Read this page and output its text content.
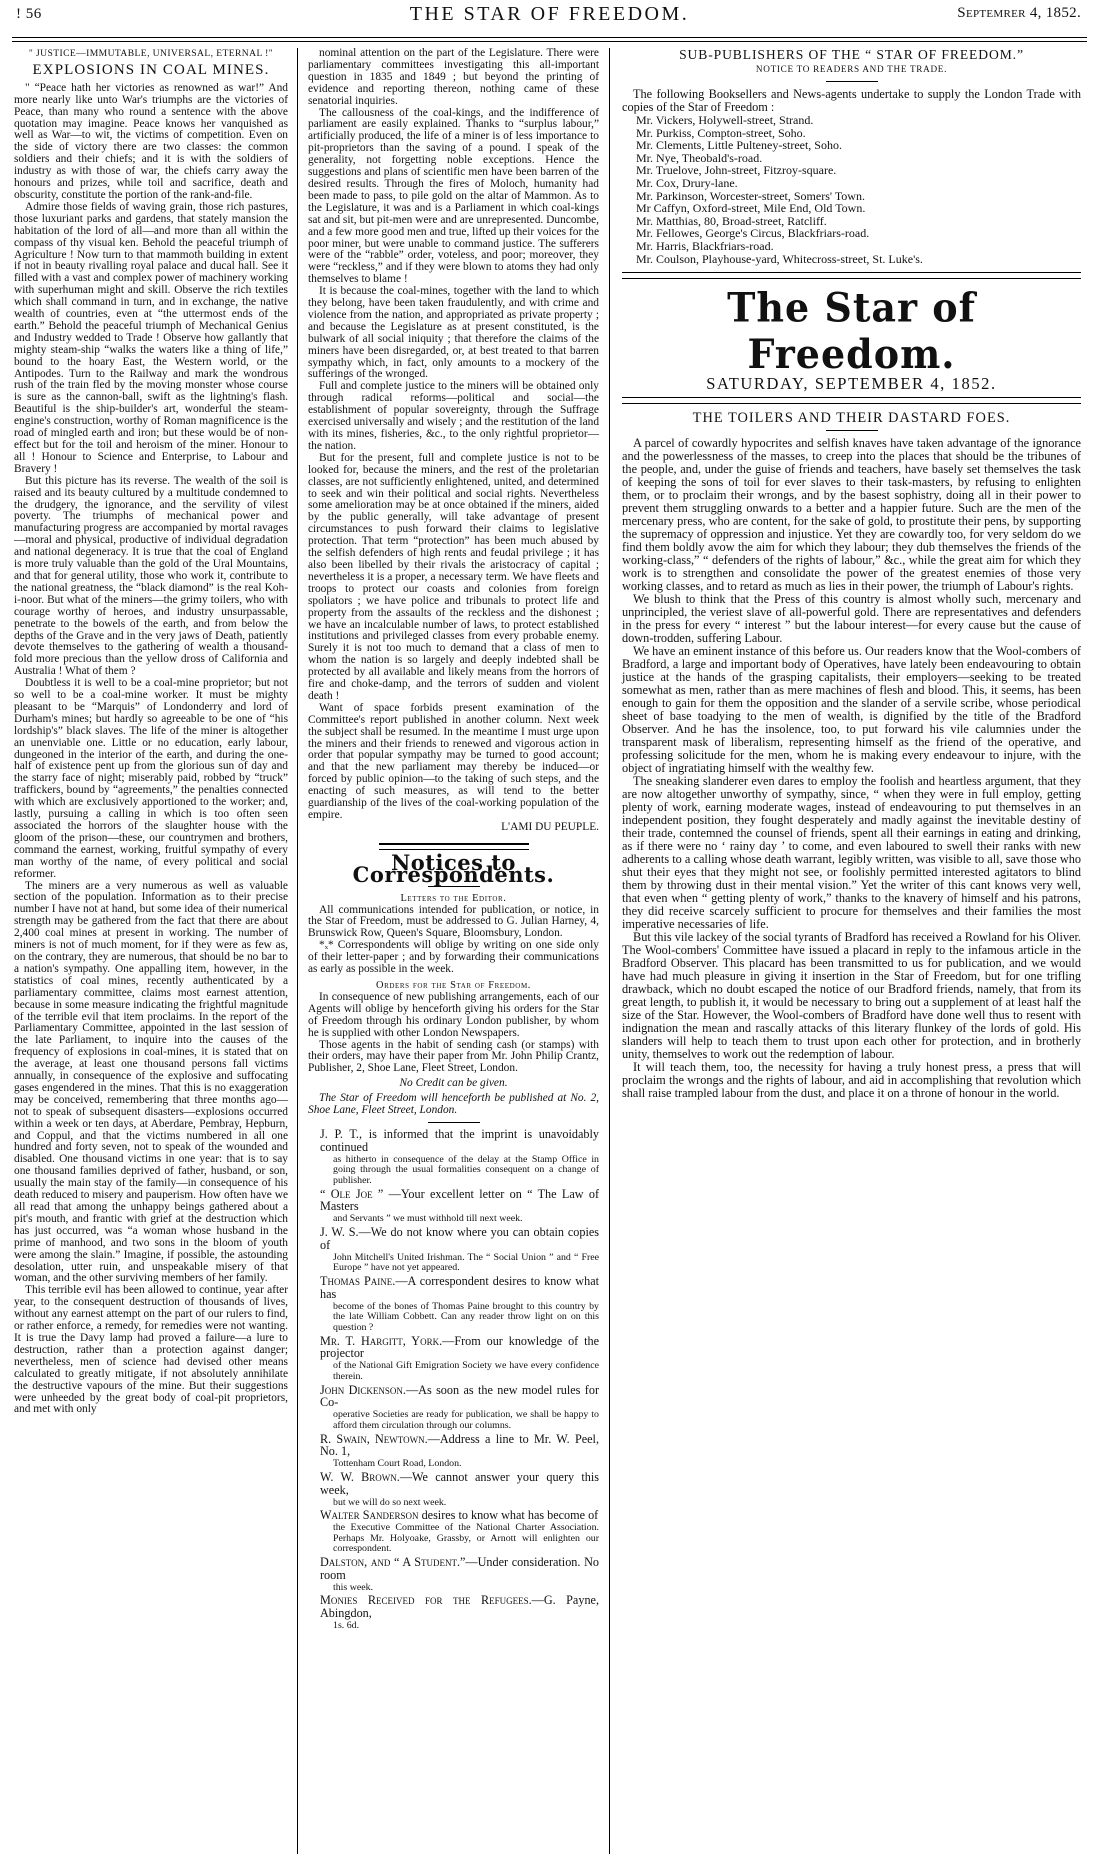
! 56	THE STAR OF FREEDOM.	Septemrer 4, 1852.

" JUSTICE—IMMUTABLE, UNIVERSAL, ETERNAL !"

EXPLOSIONS IN COAL MINES.

" “Peace hath her victories as renowned as war!” And more nearly like unto War's triumphs are the victories of Peace, than many who round a sentence with the above quotation may imagine. Peace knows her vanquished as well as War—to wit, the victims of competition. Even on the side of victory there are two classes: the common soldiers and their chiefs; and it is with the soldiers of industry as with those of war, the chiefs carry away the honours and prizes, while toil and sacrifice, death and obscurity, constitute the portion of the rank-and-file.

Admire those fields of waving grain, those rich pastures, those luxuriant parks and gardens, that stately mansion the habitation of the lord of all—and more than all within the compass of thy visual ken. Behold the peaceful triumph of Agriculture ! Now turn to that mammoth building in extent if not in beauty rivalling royal palace and ducal hall. See it filled with a vast and complex power of machinery working with superhuman might and skill. Observe the rich textiles which shall command in turn, and in exchange, the native wealth of countries, even at “the uttermost ends of the earth.” Behold the peaceful triumph of Mechanical Genius and Industry wedded to Trade ! Observe how gallantly that mighty steam-ship “walks the waters like a thing of life,” bound to the hoary East, the Western world, or the Antipodes. Turn to the Railway and mark the wondrous rush of the train fled by the moving monster whose course is sure as the cannon-ball, swift as the lightning's flash. Beautiful is the ship-builder's art, wonderful the steam-engine's construction, worthy of Roman magnificence is the road of mingled earth and iron; but these would be of non-effect but for the toil and heroism of the miner. Honour to all ! Honour to Science and Enterprise, to Labour and Bravery !

But this picture has its reverse. The wealth of the soil is raised and its beauty cultured by a multitude condemned to the drudgery, the ignorance, and the servility of vilest poverty. The triumphs of mechanical power and manufacturing progress are accompanied by mortal ravages—moral and physical, productive of individual degradation and national degeneracy. It is true that the coal of England is more truly valuable than the gold of the Ural Mountains, and that for general utility, those who work it, contribute to the national greatness, the “black diamond” is the real Koh-i-noor. But what of the miners—the grimy toilers, who with courage worthy of heroes, and industry unsurpassable, penetrate to the bowels of the earth, and from below the depths of the Grave and in the very jaws of Death, patiently devote themselves to the gathering of wealth a thousand-fold more precious than the yellow dross of California and Australia ! What of them ?

Doubtless it is well to be a coal-mine proprietor; but not so well to be a coal-mine worker. It must be mighty pleasant to be “Marquis” of Londonderry and lord of Durham's mines; but hardly so agreeable to be one of “his lordship's” black slaves. The life of the miner is altogether an unenviable one. Little or no education, early labour, dungeoned in the interior of the earth, and during the one-half of existence pent up from the glorious sun of day and the starry face of night; miserably paid, robbed by “truck” traffickers, bound by “agreements,” the penalties connected with which are exclusively apportioned to the worker; and, lastly, pursuing a calling in which is too often seen associated the horrors of the slaughter house with the gloom of the prison—these, our countrymen and brothers, command the earnest, working, fruitful sympathy of every man worthy of the name, of every political and social reformer.

The miners are a very numerous as well as valuable section of the population. Information as to their precise number I have not at hand, but some idea of their numerical strength may be gathered from the fact that there are about 2,400 coal mines at present in working. The number of miners is not of much moment, for if they were as few as, on the contrary, they are numerous, that should be no bar to a nation's sympathy. One appalling item, however, in the statistics of coal mines, recently authenticated by a parliamentary committee, claims most earnest attention, because in some measure indicating the frightful magnitude of the terrible evil that item proclaims. In the report of the Parliamentary Committee, appointed in the last session of the late Parliament, to inquire into the causes of the frequency of explosions in coal-mines, it is stated that on the average, at least one thousand persons fall victims annually, in consequence of the explosive and suffocating gases engendered in the mines. That this is no exaggeration may be conceived, remembering that three months ago—not to speak of subsequent disasters—explosions occurred within a week or ten days, at Aberdare, Pembray, Hepburn, and Coppul, and that the victims numbered in all one hundred and forty seven, not to speak of the wounded and disabled. One thousand victims in one year: that is to say one thousand families deprived of father, husband, or son, usually the main stay of the family—in consequence of his death reduced to misery and pauperism. How often have we all read that among the unhappy beings gathered about a pit's mouth, and frantic with grief at the destruction which has just occurred, was “a woman whose husband in the prime of manhood, and two sons in the bloom of youth were among the slain.” Imagine, if possible, the astounding desolation, utter ruin, and unspeakable misery of that woman, and the other surviving members of her family.

This terrible evil has been allowed to continue, year after year, to the consequent destruction of thousands of lives, without any earnest attempt on the part of our rulers to find, or rather enforce, a remedy, for remedies were not wanting. It is true the Davy lamp had proved a failure—a lure to destruction, rather than a protection against danger; nevertheless, men of science had devised other means calculated to greatly mitigate, if not absolutely annihilate the destructive vapours of the mine. But their suggestions were unheeded by the great body of coal-pit proprietors, and met with only

nominal attention on the part of the Legislature. There were parliamentary committees investigating this all-important question in 1835 and 1849 ; but beyond the printing of evidence and reporting thereon, nothing came of these senatorial inquiries.

The callousness of the coal-kings, and the indifference of parliament are easily explained. Thanks to “surplus labour,” artificially produced, the life of a miner is of less importance to pit-proprietors than the saving of a pound. I speak of the generality, not forgetting noble exceptions. Hence the suggestions and plans of scientific men have been barren of the desired results. Through the fires of Moloch, humanity had been made to pass, to pile gold on the altar of Mammon. As to the Legislature, it was and is a Parliament in which coal-kings sat and sit, but pit-men were and are unrepresented. Duncombe, and a few more good men and true, lifted up their voices for the poor miner, but were unable to command justice. The sufferers were of the “rabble” order, voteless, and poor; moreover, they were “reckless,” and if they were blown to atoms they had only themselves to blame !

It is because the coal-mines, together with the land to which they belong, have been taken fraudulently, and with crime and violence from the nation, and appropriated as private property ; and because the Legislature as at present constituted, is the bulwark of all social iniquity ; that therefore the claims of the miners have been disregarded, or, at best treated to that barren sympathy which, in fact, only amounts to a mockery of the sufferings of the wronged.

Full and complete justice to the miners will be obtained only through radical reforms—political and social—the establishment of popular sovereignty, through the Suffrage exercised universally and wisely ; and the restitution of the land with its mines, fisheries, &c., to the only rightful proprietor—the nation.

But for the present, full and complete justice is not to be looked for, because the miners, and the rest of the proletarian classes, are not sufficiently enlightened, united, and determined to seek and win their political and social rights. Nevertheless some amelioration may be at once obtained if the miners, aided by the public generally, will take advantage of present circumstances to push forward their claims to legislative protection. That term “protection” has been much abused by the selfish defenders of high rents and feudal privilege ; it has also been libelled by their rivals the aristocracy of capital ; nevertheless it is a proper, a necessary term. We have fleets and troops to protect our coasts and colonies from foreign spoliators ; we have police and tribunals to protect life and property from the assaults of the reckless and the dishonest ; we have an incalculable number of laws, to protect established institutions and privileged classes from every probable enemy. Surely it is not too much to demand that a class of men to whom the nation is so largely and deeply indebted shall be protected by all available and likely means from the horrors of fire and choke-damp, and the terrors of sudden and violent death !

Want of space forbids present examination of the Committee's report published in another column. Next week the subject shall be resumed. In the meantime I must urge upon the miners and their friends to renewed and vigorous action in order that popular sympathy may be turned to good account; and that the new parliament may thereby be induced—or forced by public opinion—to the taking of such steps, and the enacting of such measures, as will tend to the better guardianship of the lives of the coal-working population of the empire.

L'AMI DU PEUPLE.

Notices to Correspondents.

Letters to the Editor.

All communications intended for publication, or notice, in the Star of Freedom, must be addressed to G. Julian Harney, 4, Brunswick Row, Queen's Square, Bloomsbury, London.

*ₓ* Correspondents will oblige by writing on one side only of their letter-paper ; and by forwarding their communications as early as possible in the week.

Orders for the Star of Freedom.

In consequence of new publishing arrangements, each of our Agents will oblige by henceforth giving his orders for the Star of Freedom through his ordinary London publisher, by whom he is supplied with other London Newspapers.

Those agents in the habit of sending cash (or stamps) with their orders, may have their paper from Mr. John Philip Crantz, Publisher, 2, Shoe Lane, Fleet Street, London.

No Credit can be given.

The Star of Freedom will henceforth be published at No. 2, Shoe Lane, Fleet Street, London.

J. P. T., is informed that the imprint is unavoidably continued
as hitherto in consequence of the delay at the Stamp Office in going through the usual formalities consequent on a change of publisher.

“ Ole Joe ” —Your excellent letter on “ The Law of Masters
and Servants ” we must withhold till next week.

J. W. S.—We do not know where you can obtain copies of
John Mitchell's United Irishman. The “ Social Union ” and “ Free Europe ” have not yet appeared.

Thomas Paine.—A correspondent desires to know what has
become of the bones of Thomas Paine brought to this country by the late William Cobbett. Can any reader throw light on on this question ?

Mr. T. Hargitt, York.—From our knowledge of the projector
of the National Gift Emigration Society we have every confidence therein.

John Dickenson.—As soon as the new model rules for Co-
operative Societies are ready for publication, we shall be happy to afford them circulation through our columns.

R. Swain, Newtown.—Address a line to Mr. W. Peel, No. 1,
Tottenham Court Road, London.

W. W. Brown.—We cannot answer your query this week,
but we will do so next week.

Walter Sanderson desires to know what has become of
the Executive Committee of the National Charter Association. Perhaps Mr. Holyoake, Grassby, or Arnott will enlighten our correspondent.

Dalston, and “ A Student.”—Under consideration. No room
this week.

Monies Received for the Refugees.—G. Payne, Abingdon,
1s. 6d.

SUB-PUBLISHERS OF THE “ STAR OF FREEDOM.”

NOTICE TO READERS AND THE TRADE.

The following Booksellers and News-agents undertake to supply the London Trade with copies of the Star of Freedom :

Mr. Vickers, Holywell-street, Strand.
Mr. Purkiss, Compton-street, Soho.
Mr. Clements, Little Pulteney-street, Soho.
Mr. Nye, Theobald's-road.
Mr. Truelove, John-street, Fitzroy-square.
Mr. Cox, Drury-lane.
Mr. Parkinson, Worcester-street, Somers' Town.
Mr Caffyn, Oxford-street, Mile End, Old Town.
Mr. Matthias, 80, Broad-street, Ratcliff.
Mr. Fellowes, George's Circus, Blackfriars-road.
Mr. Harris, Blackfriars-road.
Mr. Coulson, Playhouse-yard, Whitecross-street, St. Luke's.

The Star of Freedom.

SATURDAY, SEPTEMBER 4, 1852.

THE TOILERS AND THEIR DASTARD FOES.

A parcel of cowardly hypocrites and selfish knaves have taken advantage of the ignorance and the powerlessness of the masses, to creep into the places that should be the tribunes of the people, and, under the guise of friends and teachers, have basely set themselves the task of keeping the sons of toil for ever slaves to their task-masters, by refusing to enlighten them, or to proclaim their wrongs, and by the basest sophistry, doing all in their power to prevent them struggling onwards to a better and a happier future. Such are the men of the mercenary press, who are content, for the sake of gold, to prostitute their pens, by supporting the supremacy of oppression and injustice. Yet they are cowardly too, for very seldom do we find them boldly avow the aim for which they labour; they dub themselves the friends of the working-class,” “ defenders of the rights of labour,” &c., while the great aim for which they work is to strengthen and consolidate the power of the greatest enemies of those very working classes, and to retard as much as lies in their power, the triumph of Labour's rights.

We blush to think that the Press of this country is almost wholly such, mercenary and unprincipled, the veriest slave of all-powerful gold. There are representatives and defenders in the press for every “ interest ” but the labour interest—for every cause but the cause of down-trodden, suffering Labour.

We have an eminent instance of this before us. Our readers know that the Wool-combers of Bradford, a large and important body of Operatives, have lately been endeavouring to obtain justice at the hands of the grasping capitalists, their employers—seeking to be treated somewhat as men, rather than as mere machines of flesh and blood. This, it seems, has been enough to gain for them the opposition and the slander of a servile scribe, whose periodical sheet of base toadying to the men of wealth, is dignified by the title of the Bradford Observer. And he has the insolence, too, to put forward his vile calumnies under the transparent mask of liberalism, representing himself as the friend of the operative, and professing solicitude for the men, whom he is making every endeavour to injure, with the object of ingratiating himself with the wealthy few.

The sneaking slanderer even dares to employ the foolish and heartless argument, that they are now altogether unworthy of sympathy, since, “ when they were in full employ, getting plenty of work, earning moderate wages, instead of endeavouring to put themselves in an independent position, they fought desperately and madly against the inevitable destiny of their trade, contemned the counsel of friends, spent all their earnings in eating and drinking, as if there were no ‘ rainy day ’ to come, and even laboured to swell their ranks with new adherents to a calling whose death warrant, legibly written, was visible to all, save those who shut their eyes that they might not see, or foolishly permitted interested agitators to blind them by throwing dust in their mental vision.” Yet the writer of this cant knows very well, that even when “ getting plenty of work,” thanks to the knavery of himself and his patrons, they did receive scarcely sufficient to procure for themselves and their families the most imperative necessaries of life.

But this vile lackey of the social tyrants of Bradford has received a Rowland for his Oliver. The Wool-combers' Committee have issued a placard in reply to the infamous article in the Bradford Observer. This placard has been transmitted to us for publication, and we would have had much pleasure in giving it insertion in the Star of Freedom, but for one trifling drawback, which no doubt escaped the notice of our Bradford friends, namely, that from its great length, to publish it, it would be necessary to bring out a supplement of at least half the size of the Star. However, the Wool-combers of Bradford have done well thus to resent with indignation the mean and rascally attacks of this literary flunkey of the lords of gold. His slanders will help to teach them to trust upon each other for protection, and in brotherly unity, themselves to work out the redemption of labour.

It will teach them, too, the necessity for having a truly honest press, a press that will proclaim the wrongs and the rights of labour, and aid in accomplishing that revolution which shall raise trampled labour from the dust, and place it on a throne of honour in the world.
